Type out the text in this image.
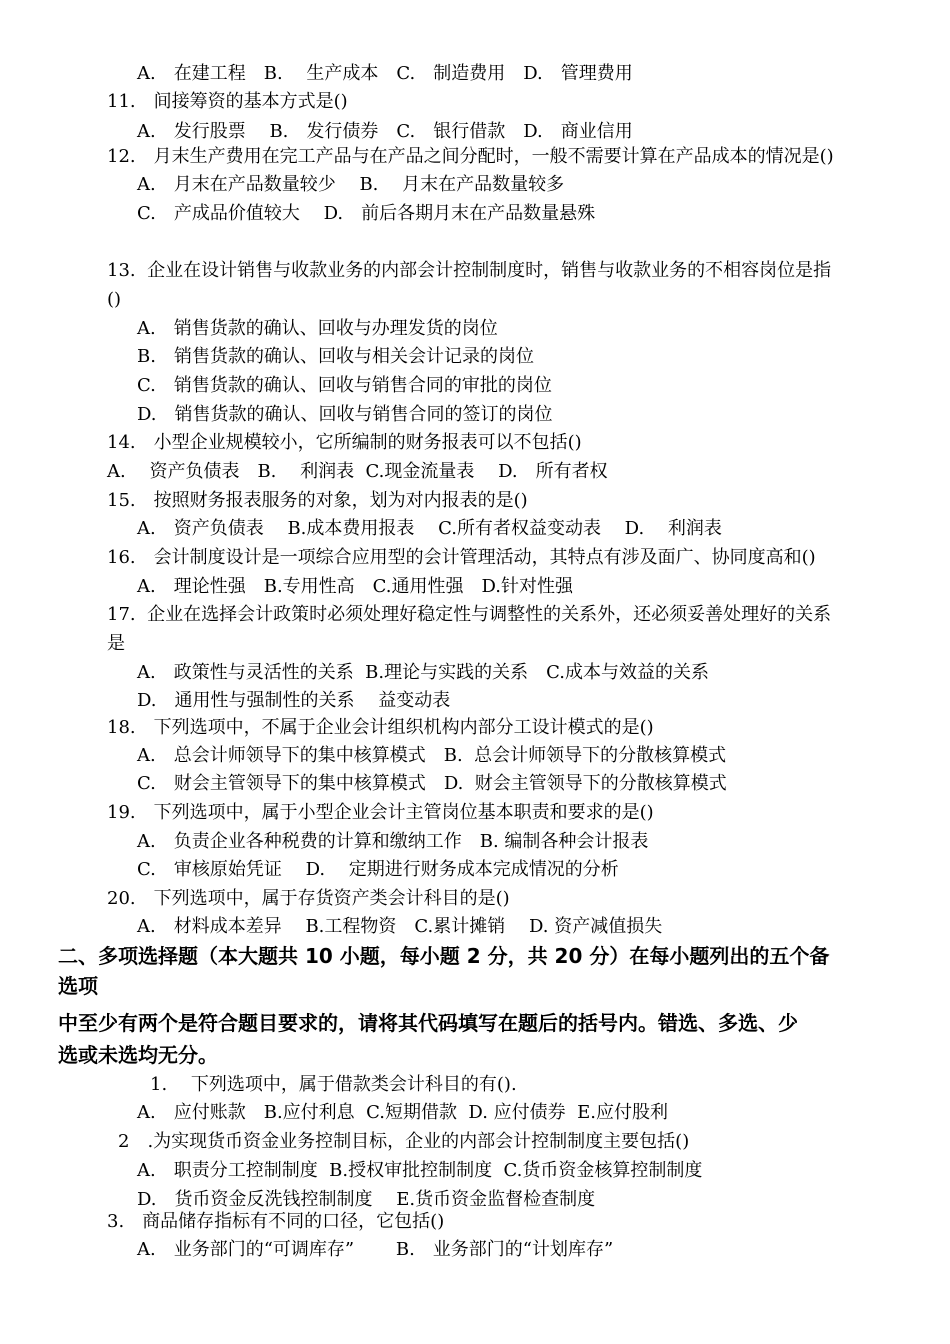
A.　在建工程　B.　 生产成本　C.　制造费用　D.　管理费用
11.　间接筹资的基本方式是()
A.　发行股票　 B.　发行债券　C.　银行借款　D.　商业信用
12.　月末生产费用在完工产品与在产品之间分配时，一般不需要计算在产品成本的情况是()
A.　月末在产品数量较少　 B.　 月末在产品数量较多
C.　产成品价值较大　 D.　前后各期月末在产品数量悬殊
13.  企业在设计销售与收款业务的内部会计控制制度时，销售与收款业务的不相容岗位是指
()
A.　销售货款的确认、回收与办理发货的岗位
B.　销售货款的确认、回收与相关会计记录的岗位
C.　销售货款的确认、回收与销售合同的审批的岗位
D.　销售货款的确认、回收与销售合同的签订的岗位
14.　小型企业规模较小，它所编制的财务报表可以不包括()
A.　 资产负债表　B.　 利润表  C.现金流量表　 D.　所有者权
15.　按照财务报表服务的对象，划为对内报表的是()
A.　资产负债表　 B.成本费用报表　 C.所有者权益变动表　 D.　 利润表
16.　会计制度设计是一项综合应用型的会计管理活动，其特点有涉及面广、协同度高和()
A.　理论性强　B.专用性高　C.通用性强　D.针对性强
17.  企业在选择会计政策时必须处理好稳定性与调整性的关系外，还必须妥善处理好的关系
是
A.　政策性与灵活性的关系  B.理论与实践的关系　C.成本与效益的关系
D.　通用性与强制性的关系　 益变动表
18.　下列选项中，不属于企业会计组织机构内部分工设计模式的是()
A.　总会计师领导下的集中核算模式　B.  总会计师领导下的分散核算模式
C.　财会主管领导下的集中核算模式　D.  财会主管领导下的分散核算模式
19.　下列选项中，属于小型企业会计主管岗位基本职责和要求的是()
A.　负责企业各种税费的计算和缴纳工作　B. 编制各种会计报表
C.　审核原始凭证　 D.　 定期进行财务成本完成情况的分析
20.　下列选项中，属于存货资产类会计科目的是()
A.　材料成本差异　 B.工程物资　C.累计摊销　 D. 资产减值损失
A.　应付账款　B.应付利息  C.短期借款  D. 应付债券  E.应付股利
2　.为实现货币资金业务控制目标，企业的内部会计控制制度主要包括()
A.　职责分工控制制度  B.授权审批控制制度  C.货币资金核算控制制度
D.　货币资金反洗钱控制制度　 E.货币资金监督检查制度
3.　商品储存指标有不同的口径，它包括()
A.　业务部门的“可调库存”　　 B.　业务部门的“计划库存”
1.　 下列选项中，属于借款类会计科目的有().
二、多项选择题（本大题共 10 小题，每小题 2 分，共 20 分）在每小题列出的五个备
选项
中至少有两个是符合题目要求的，请将其代码填写在题后的括号内。错选、多选、少
选或未选均无分。
